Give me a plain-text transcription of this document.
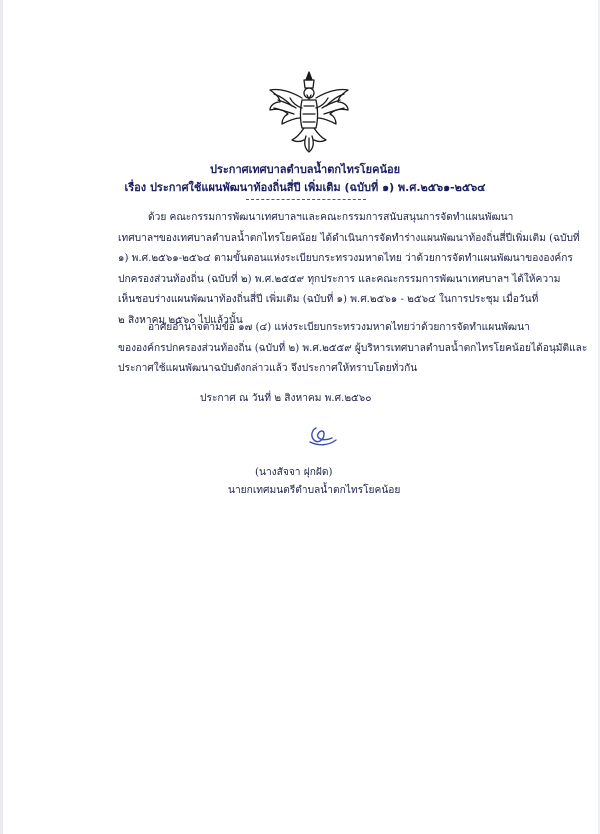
ประกาศเทศบาลตำบลน้ำตกไทรโยคน้อย
เรื่อง ประกาศใช้แผนพัฒนาท้องถิ่นสี่ปี เพิ่มเติม (ฉบับที่ ๑) พ.ศ.๒๕๖๑-๒๕๖๔
ด้วย คณะกรรมการพัฒนาเทศบาลฯและคณะกรรมการสนับสนุนการจัดทำแผนพัฒนา
เทศบาลฯของเทศบาลตำบลน้ำตกไทรโยคน้อย ได้ดำเนินการจัดทำร่างแผนพัฒนาท้องถิ่นสี่ปีเพิ่มเติม (ฉบับที่
๑) พ.ศ.๒๕๖๑-๒๕๖๔ ตามขั้นตอนแห่งระเบียบกระทรวงมหาดไทย ว่าด้วยการจัดทำแผนพัฒนาขององค์กร
ปกครองส่วนท้องถิ่น (ฉบับที่ ๒) พ.ศ.๒๕๕๙ ทุกประการ และคณะกรรมการพัฒนาเทศบาลฯ ได้ให้ความ
เห็นชอบร่างแผนพัฒนาท้องถิ่นสี่ปี เพิ่มเติม (ฉบับที่ ๑) พ.ศ.๒๕๖๑ - ๒๕๖๔ ในการประชุม เมื่อวันที่
๒ สิงหาคม ๒๕๖๐ ไปแล้วนั้น
อาศัยอำนาจตามข้อ ๑๗ (๔) แห่งระเบียบกระทรวงมหาดไทยว่าด้วยการจัดทำแผนพัฒนา
ขององค์กรปกครองส่วนท้องถิ่น (ฉบับที่ ๒) พ.ศ.๒๕๕๙ ผู้บริหารเทศบาลตำบลน้ำตกไทรโยคน้อยได้อนุมัติและ
ประกาศใช้แผนพัฒนาฉบับดังกล่าวแล้ว จึงประกาศให้ทราบโดยทั่วกัน
ประกาศ ณ วันที่ ๒ สิงหาคม พ.ศ.๒๕๖๐
(นางสัจจา ฝุกฝัด)
นายกเทศมนตรีตำบลน้ำตกไทรโยคน้อย
